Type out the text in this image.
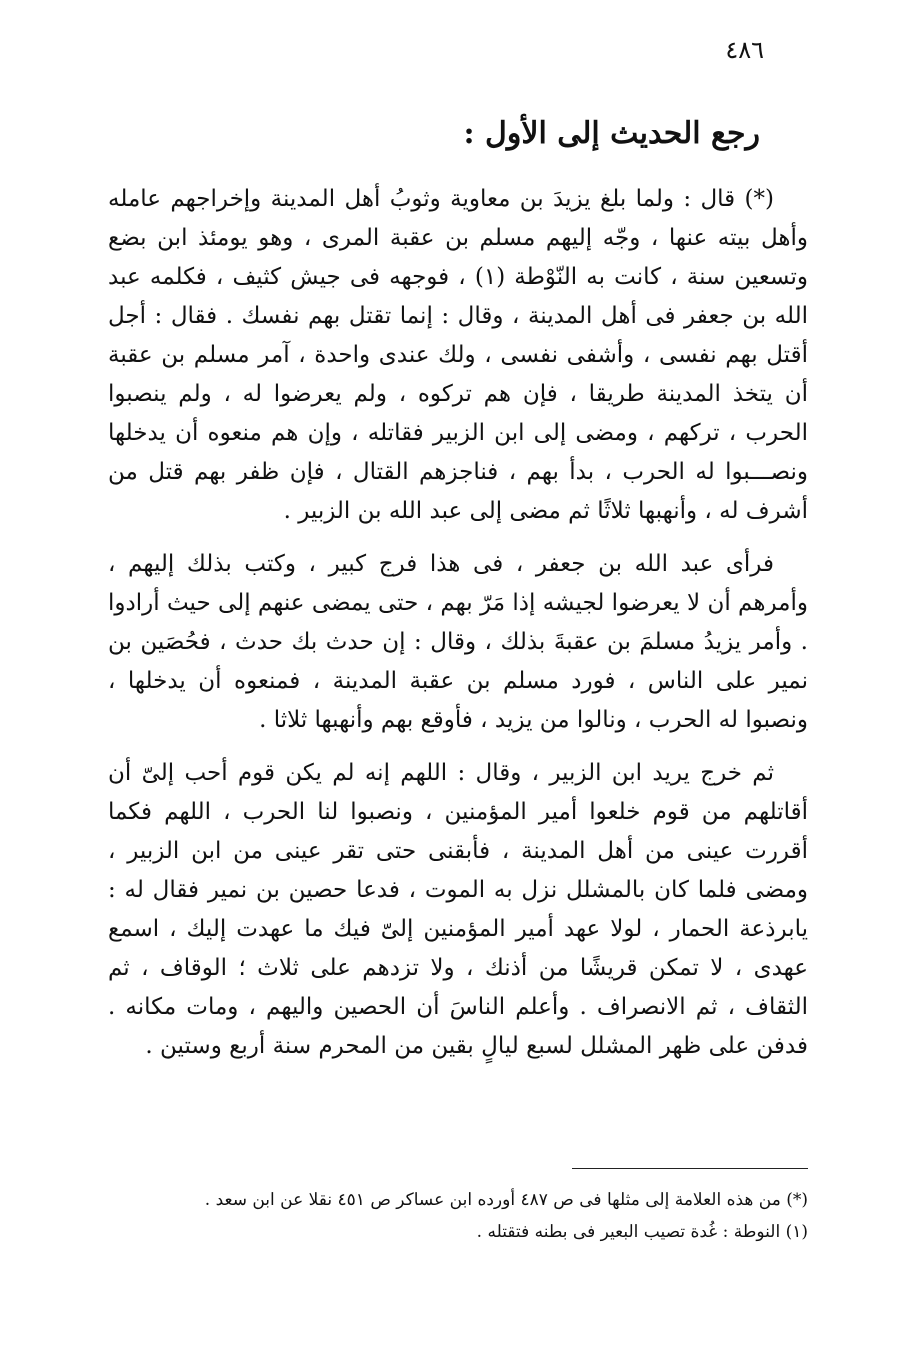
٤٨٦
رجع الحديث إلى الأول :

(*) قال : ولما بلغ يزيدَ بن معاوية وثوبُ أهل المدينة وإخراجهم عامله وأهل بيته عنها ، وجّه إليهم مسلم بن عقبة المرى ، وهو يومئذ ابن بضع وتسعين سنة ، كانت به النّوْطة (١) ، فوجهه فى جيش كثيف ، فكلمه عبد الله بن جعفر فى أهل المدينة ، وقال : إنما تقتل بهم نفسك . فقال : أجل أقتل بهم نفسى ، وأشفى نفسى ، ولك عندى واحدة ، آمر مسلم بن عقبة أن يتخذ المدينة طريقا ، فإن هم تركوه ، ولم يعرضوا له ، ولم ينصبوا الحرب ، تركهم ، ومضى إلى ابن الزبير فقاتله ، وإن هم منعوه أن يدخلها ونصـــبوا له الحرب ، بدأ بهم ، فناجزهم القتال ، فإن ظفر بهم قتل من أشرف له ، وأنهبها ثلاثًا ثم مضى إلى عبد الله بن الزبير .

فرأى عبد الله بن جعفر ، فى هذا فرج كبير ، وكتب بذلك إليهم ، وأمرهم أن لا يعرضوا لجيشه إذا مَرّ بهم ، حتى يمضى عنهم إلى حيث أرادوا . وأمر يزيدُ مسلمَ بن عقبةَ بذلك ، وقال : إن حدث بك حدث ، فحُصَين بن نمير على الناس ، فورد مسلم بن عقبة المدينة ، فمنعوه أن يدخلها ، ونصبوا له الحرب ، ونالوا من يزيد ، فأوقع بهم وأنهبها ثلاثا .

ثم خرج يريد ابن الزبير ، وقال : اللهم إنه لم يكن قوم أحب إلىّ أن أقاتلهم من قوم خلعوا أمير المؤمنين ، ونصبوا لنا الحرب ، اللهم فكما أقررت عينى من أهل المدينة ، فأبقنى حتى تقر عينى من ابن الزبير ، ومضى فلما كان بالمشلل نزل به الموت ، فدعا حصين بن نمير فقال له : يابرذعة الحمار ، لولا عهد أمير المؤمنين إلىّ فيك ما عهدت إليك ، اسمع عهدى ، لا تمكن قريشًا من أذنك ، ولا تزدهم على ثلاث ؛ الوقاف ، ثم الثقاف ، ثم الانصراف . وأعلم الناسَ أن الحصين واليهم ، ومات مكانه . فدفن على ظهر المشلل لسبع ليالٍ بقين من المحرم سنة أربع وستين .

(*) من هذه العلامة إلى مثلها فى ص ٤٨٧ أورده ابن عساكر ص ٤٥١ نقلا عن ابن سعد .

(١) النوطة : غُدة تصيب البعير فى بطنه فتقتله .
